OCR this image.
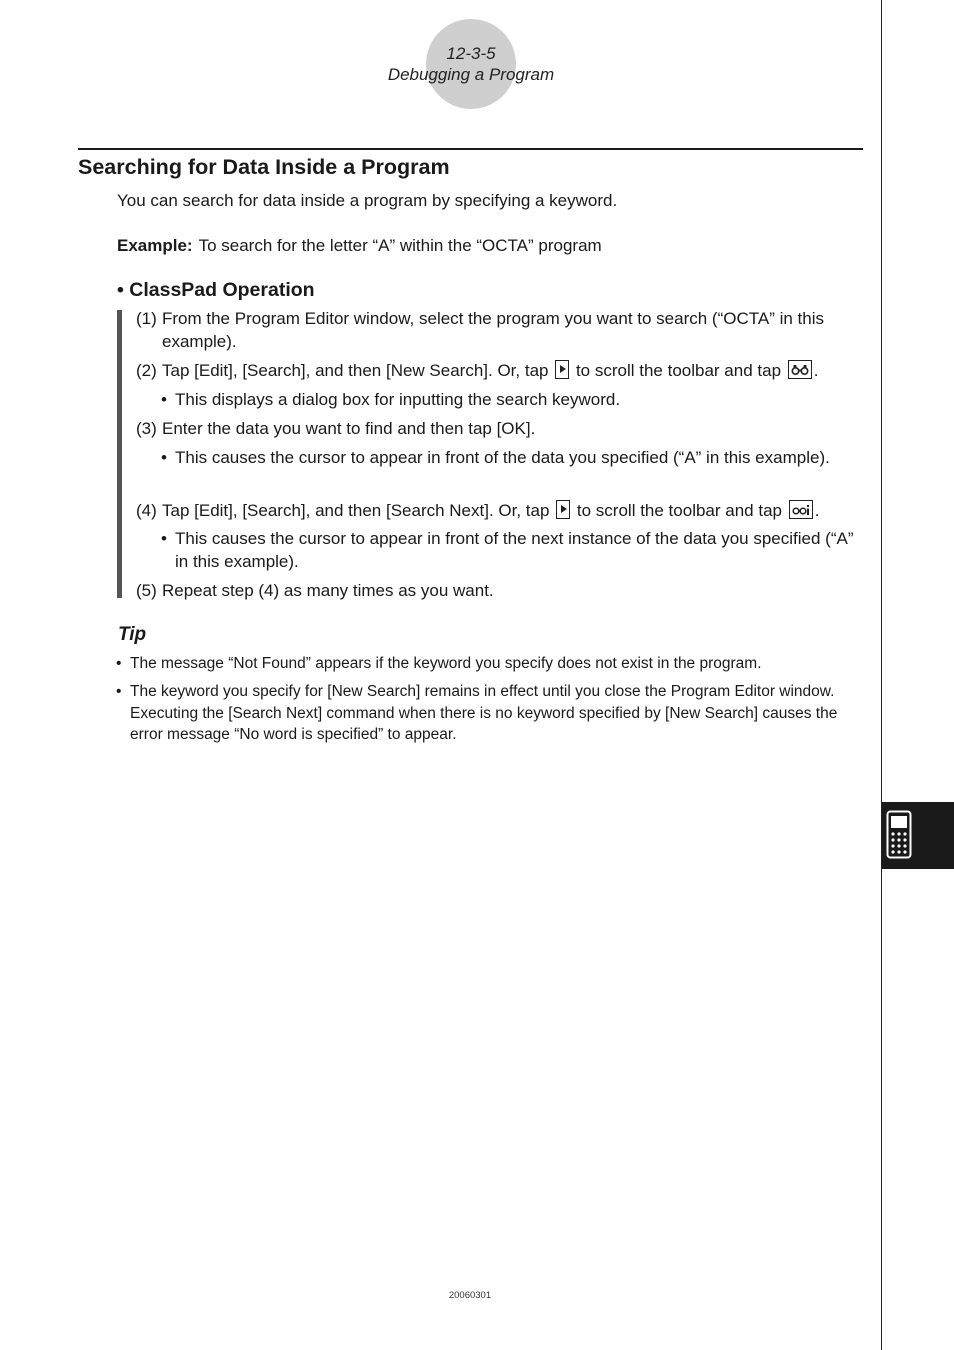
12-3-5
Debugging a Program
Searching for Data Inside a Program

You can search for data inside a program by specifying a keyword.

Example: To search for the letter “A” within the “OCTA” program

• ClassPad Operation

(1) From the Program Editor window, select the program you want to search (“OCTA” in this example).

(2) Tap [Edit], [Search], and then [New Search]. Or, tap to scroll the toolbar and tap .

• This displays a dialog box for inputting the search keyword.

(3) Enter the data you want to find and then tap [OK].

• This causes the cursor to appear in front of the data you specified (“A” in this example).

(4) Tap [Edit], [Search], and then [Search Next]. Or, tap to scroll the toolbar and tap .

• This causes the cursor to appear in front of the next instance of the data you specified (“A” in this example).

(5) Repeat step (4) as many times as you want.

Tip

• The message “Not Found” appears if the keyword you specify does not exist in the program.

• The keyword you specify for [New Search] remains in effect until you close the Program Editor window. Executing the [Search Next] command when there is no keyword specified by [New Search] causes the error message “No word is specified” to appear.

20060301
